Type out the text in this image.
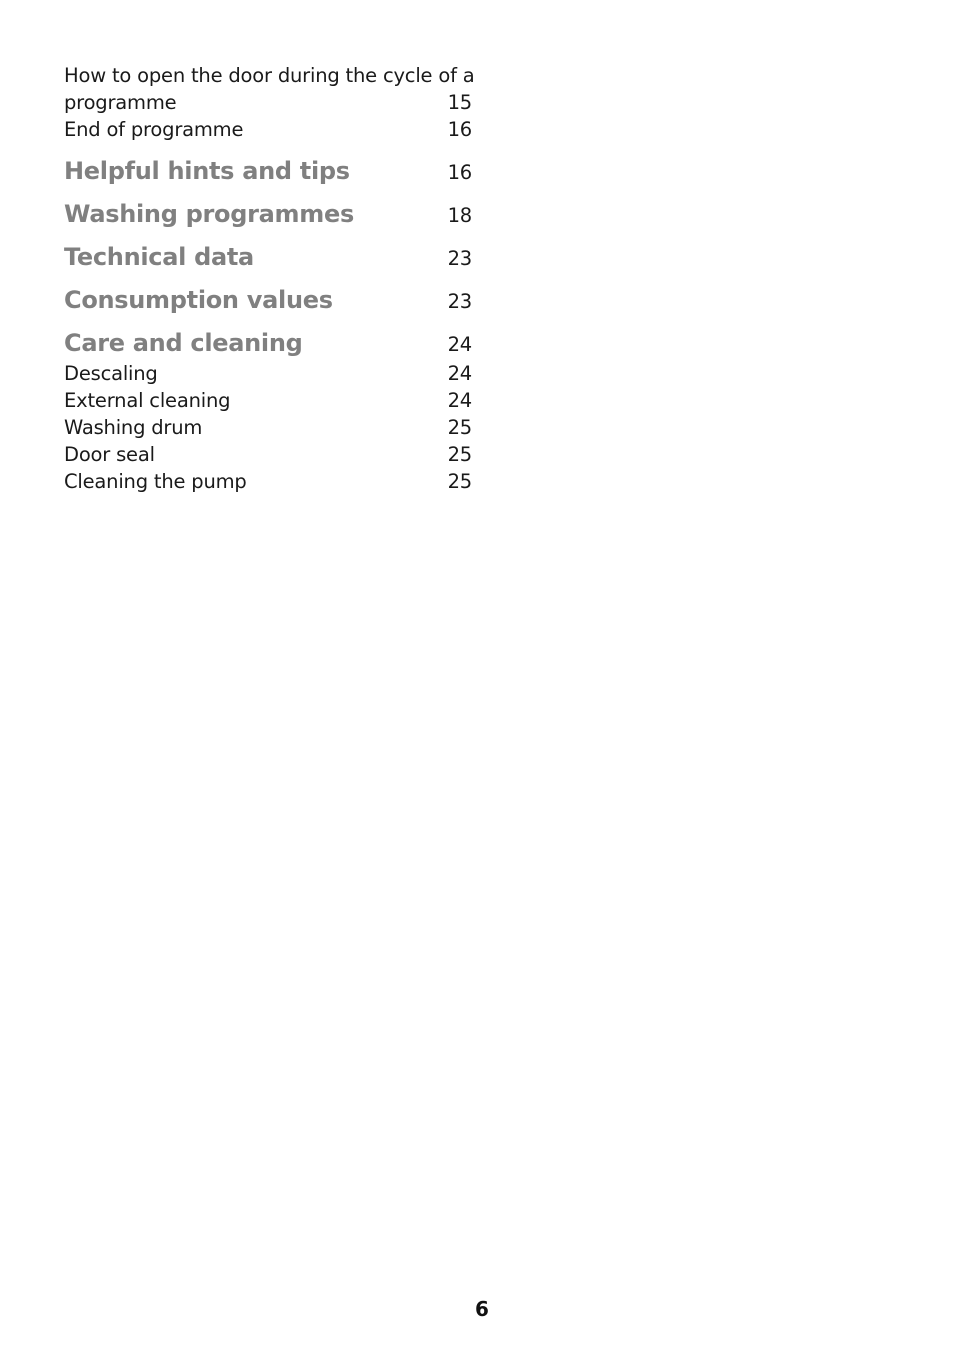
How to open the door during the cycle of a
programme	15
End of programme	16
Helpful hints and tips	16
Washing programmes	18
Technical data	23
Consumption values	23
Care and cleaning	24
Descaling	24
External cleaning	24
Washing drum	25
Door seal	25
Cleaning the pump	25
6
